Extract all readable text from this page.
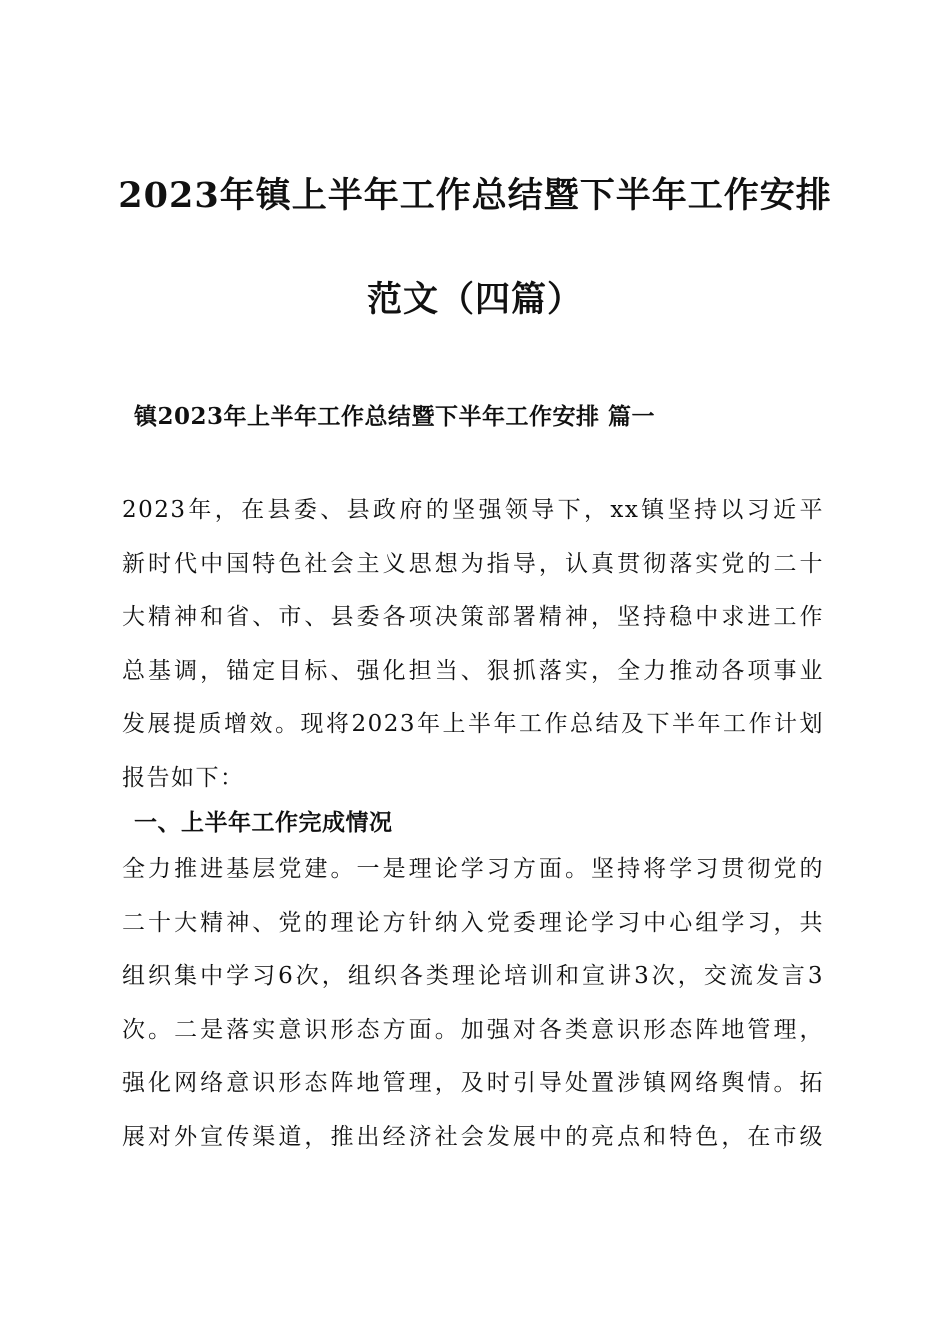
2023年镇上半年工作总结暨下半年工作安排
范文（四篇）
镇2023年上半年工作总结暨下半年工作安排 篇一
2023年，在县委、县政府的坚强领导下，xx镇坚持以习近平
新时代中国特色社会主义思想为指导，认真贯彻落实党的二十
大精神和省、市、县委各项决策部署精神，坚持稳中求进工作
总基调，锚定目标、强化担当、狠抓落实，全力推动各项事业
发展提质增效。现将2023年上半年工作总结及下半年工作计划
报告如下：
一、上半年工作完成情况
全力推进基层党建。一是理论学习方面。坚持将学习贯彻党的
二十大精神、党的理论方针纳入党委理论学习中心组学习，共
组织集中学习6次，组织各类理论培训和宣讲3次，交流发言3
次。二是落实意识形态方面。加强对各类意识形态阵地管理，
强化网络意识形态阵地管理，及时引导处置涉镇网络舆情。拓
展对外宣传渠道，推出经济社会发展中的亮点和特色，在市级
